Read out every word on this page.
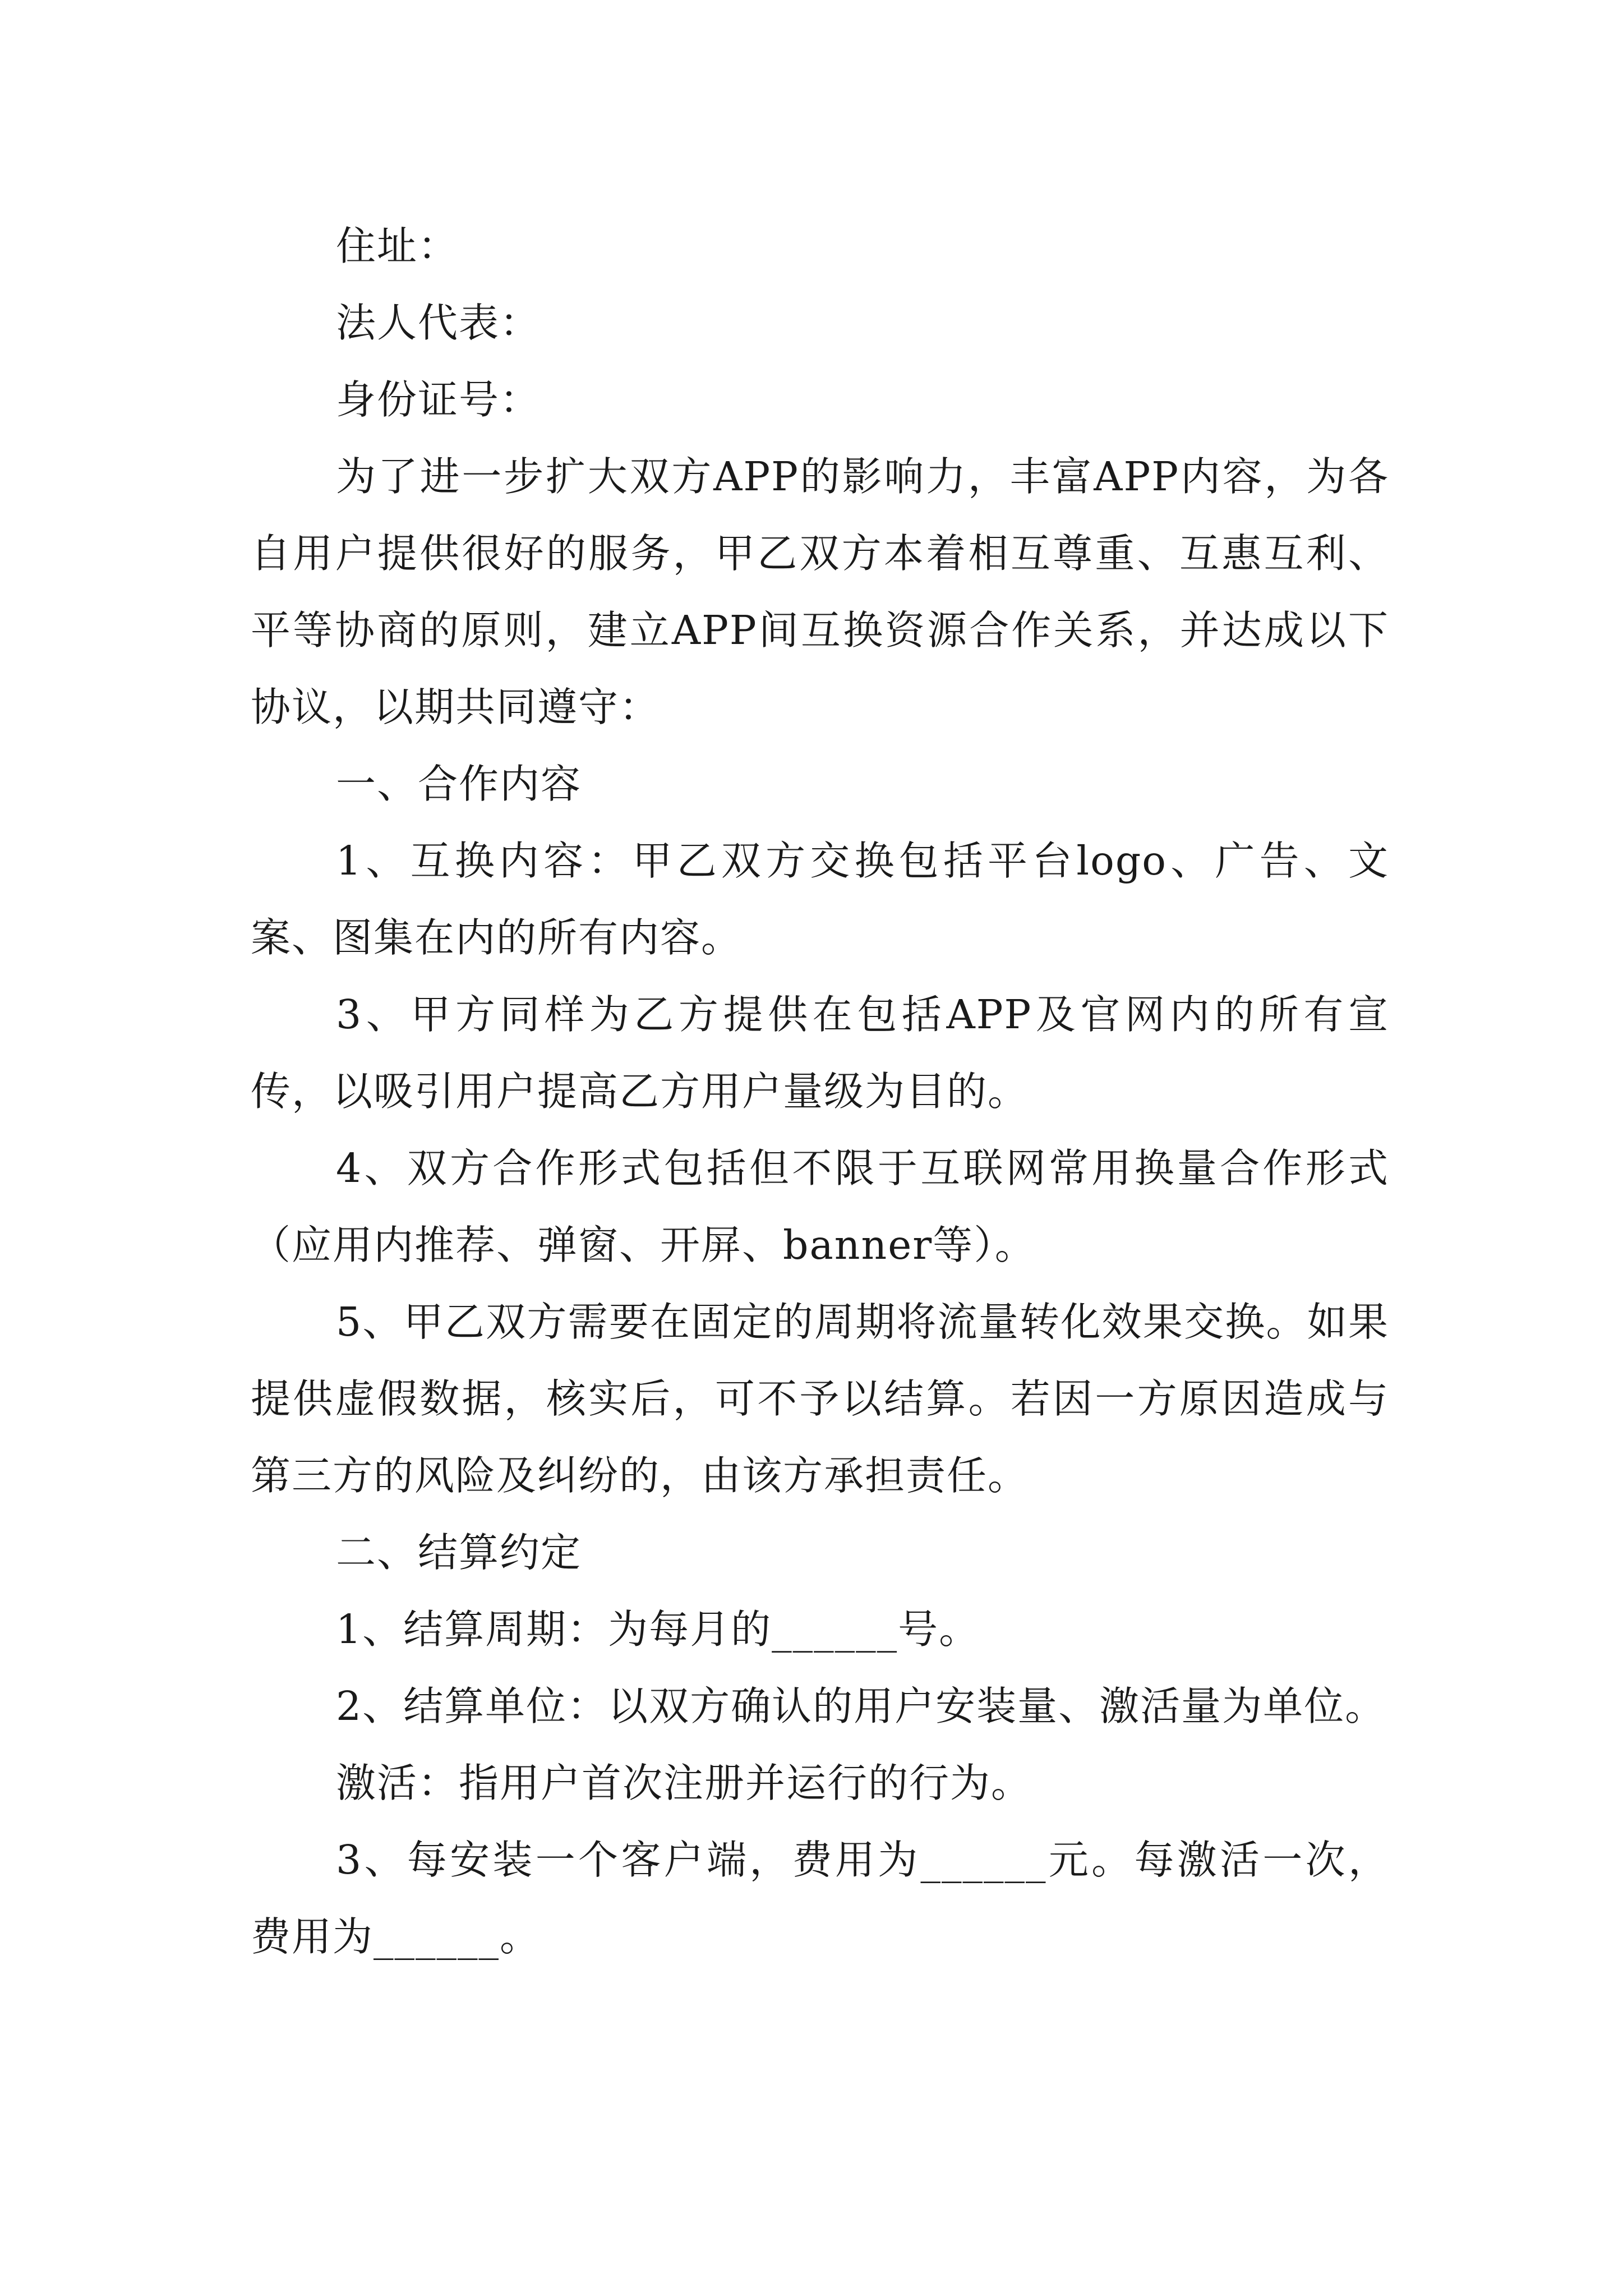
住址：

法人代表：

身份证号：

为了进一步扩大双方APP的影响力，丰富APP内容，为各自用户提供很好的服务，甲乙双方本着相互尊重、互惠互利、平等协商的原则，建立APP间互换资源合作关系，并达成以下协议，以期共同遵守：

一、合作内容

1、互换内容：甲乙双方交换包括平台logo、广告、文案、图集在内的所有内容。

3、甲方同样为乙方提供在包括APP及官网内的所有宣传，以吸引用户提高乙方用户量级为目的。

4、双方合作形式包括但不限于互联网常用换量合作形式（应用内推荐、弹窗、开屏、banner等）。

5、甲乙双方需要在固定的周期将流量转化效果交换。如果提供虚假数据，核实后，可不予以结算。若因一方原因造成与第三方的风险及纠纷的，由该方承担责任。

二、结算约定

1、结算周期：为每月的______号。

2、结算单位：以双方确认的用户安装量、激活量为单位。

激活：指用户首次注册并运行的行为。

3、每安装一个客户端，费用为______元。每激活一次，费用为______。
